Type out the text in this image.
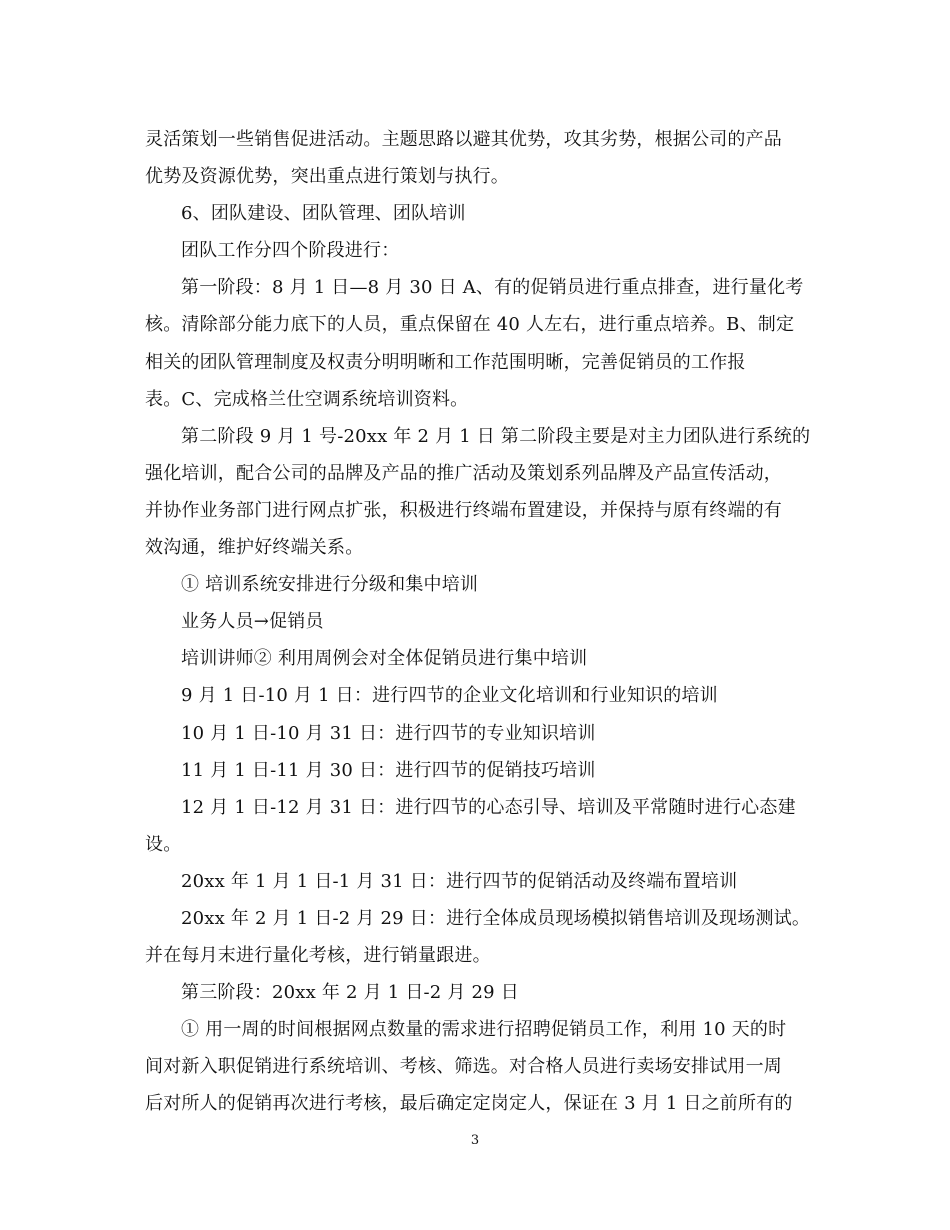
灵活策划一些销售促进活动。主题思路以避其优势，攻其劣势，根据公司的产品
优势及资源优势，突出重点进行策划与执行。
6、团队建设、团队管理、团队培训
团队工作分四个阶段进行：
第一阶段：8 月 1 日—8 月 30 日 A、有的促销员进行重点排查，进行量化考
核。清除部分能力底下的人员，重点保留在 40 人左右，进行重点培养。B、制定
相关的团队管理制度及权责分明明晰和工作范围明晰，完善促销员的工作报
表。C、完成格兰仕空调系统培训资料。
第二阶段 9 月 1 号-20xx 年 2 月 1 日 第二阶段主要是对主力团队进行系统的
强化培训，配合公司的品牌及产品的推广活动及策划系列品牌及产品宣传活动，
并协作业务部门进行网点扩张，积极进行终端布置建设，并保持与原有终端的有
效沟通，维护好终端关系。
① 培训系统安排进行分级和集中培训
业务人员→促销员
培训讲师② 利用周例会对全体促销员进行集中培训
9 月 1 日-10 月 1 日：进行四节的企业文化培训和行业知识的培训
10 月 1 日-10 月 31 日：进行四节的专业知识培训
11 月 1 日-11 月 30 日：进行四节的促销技巧培训
12 月 1 日-12 月 31 日：进行四节的心态引导、培训及平常随时进行心态建
设。
20xx 年 1 月 1 日-1 月 31 日：进行四节的促销活动及终端布置培训
20xx 年 2 月 1 日-2 月 29 日：进行全体成员现场模拟销售培训及现场测试。
并在每月末进行量化考核，进行销量跟进。
第三阶段：20xx 年 2 月 1 日-2 月 29 日
① 用一周的时间根据网点数量的需求进行招聘促销员工作，利用 10 天的时
间对新入职促销进行系统培训、考核、筛选。对合格人员进行卖场安排试用一周
后对所人的促销再次进行考核，最后确定定岗定人，保证在 3 月 1 日之前所有的
3
